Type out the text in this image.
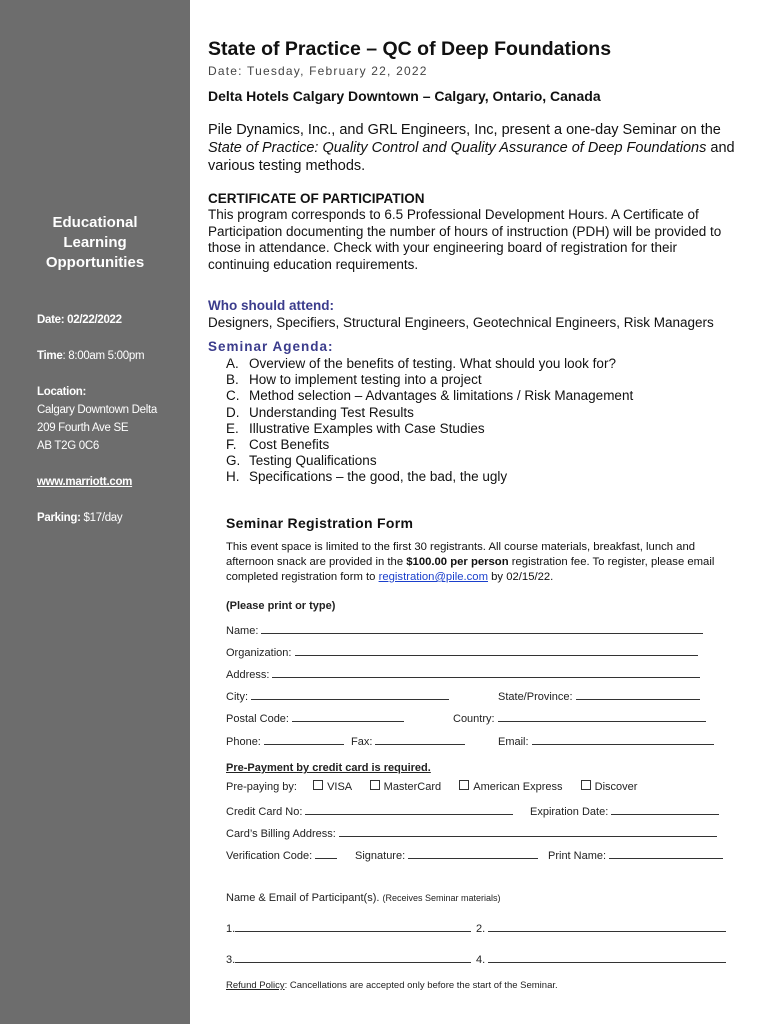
Educational Learning Opportunities
Date: 02/22/2022
Time: 8:00am 5:00pm
Location:
Calgary Downtown Delta
209 Fourth Ave SE
AB T2G 0C6
www.marriott.com
Parking: $17/day
State of Practice – QC of Deep Foundations
Date: Tuesday, February 22, 2022
Delta Hotels Calgary Downtown – Calgary, Ontario, Canada
Pile Dynamics, Inc., and GRL Engineers, Inc, present a one-day Seminar on the State of Practice: Quality Control and Quality Assurance of Deep Foundations and various testing methods.
CERTIFICATE OF PARTICIPATION
This program corresponds to 6.5 Professional Development Hours. A Certificate of Participation documenting the number of hours of instruction (PDH) will be provided to those in attendance. Check with your engineering board of registration for their continuing education requirements.
Who should attend:
Designers, Specifiers, Structural Engineers, Geotechnical Engineers, Risk Managers
Seminar Agenda:
A. Overview of the benefits of testing. What should you look for?
B. How to implement testing into a project
C. Method selection – Advantages & limitations / Risk Management
D. Understanding Test Results
E. Illustrative Examples with Case Studies
F. Cost Benefits
G. Testing Qualifications
H. Specifications – the good, the bad, the ugly
Seminar Registration Form
This event space is limited to the first 30 registrants. All course materials, breakfast, lunch and afternoon snack are provided in the $100.00 per person registration fee. To register, please email completed registration form to registration@pile.com by 02/15/22.
(Please print or type)
Name:
Organization:
Address:
City:	State/Province:
Postal Code:	Country:
Phone:	Fax:	Email:
Pre-Payment by credit card is required.
Pre-paying by:	VISA	MasterCard	American Express	Discover
Credit Card No:	Expiration Date:
Card’s Billing Address:
Verification Code:	Signature:	Print Name:
Name & Email of Participant(s). (Receives Seminar materials)
1.	2.
3.	4.
Refund Policy: Cancellations are accepted only before the start of the Seminar.
